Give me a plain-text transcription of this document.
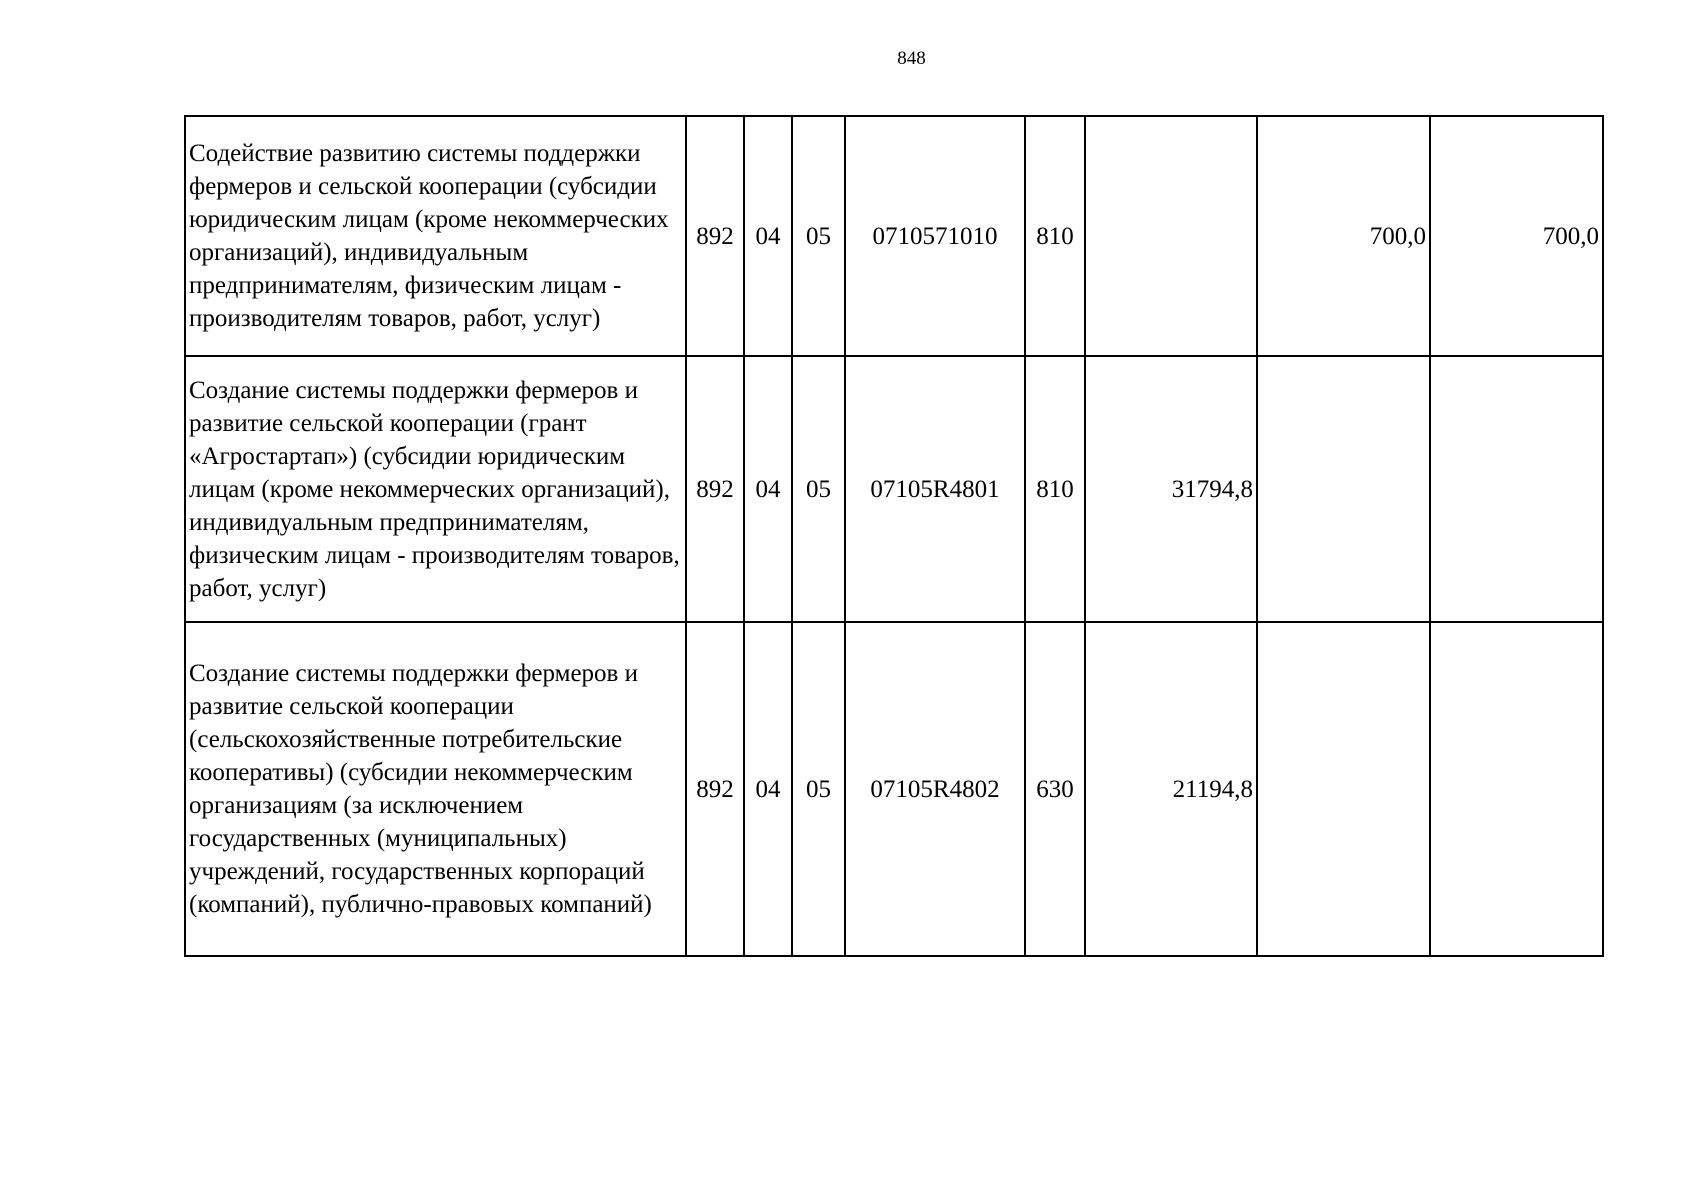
848
Содействие развитию системы поддержки фермеров и сельской кооперации (субсидии юридическим лицам (кроме некоммерческих организаций), индивидуальным предпринимателям, физическим лицам - производителям товаров, работ, услуг)	892	04	05	0710571010	810		700,0	700,0
Создание системы поддержки фермеров и развитие сельской кооперации (грант «Агростартап») (субсидии юридическим лицам (кроме некоммерческих организаций), индивидуальным предпринимателям, физическим лицам - производителям товаров, работ, услуг)	892	04	05	07105R4801	810	31794,8		
Создание системы поддержки фермеров и развитие сельской кооперации (сельскохозяйственные потребительские кооперативы) (субсидии некоммерческим организациям (за исключением государственных (муниципальных) учреждений, государственных корпораций (компаний), публично-правовых компаний)	892	04	05	07105R4802	630	21194,8		
